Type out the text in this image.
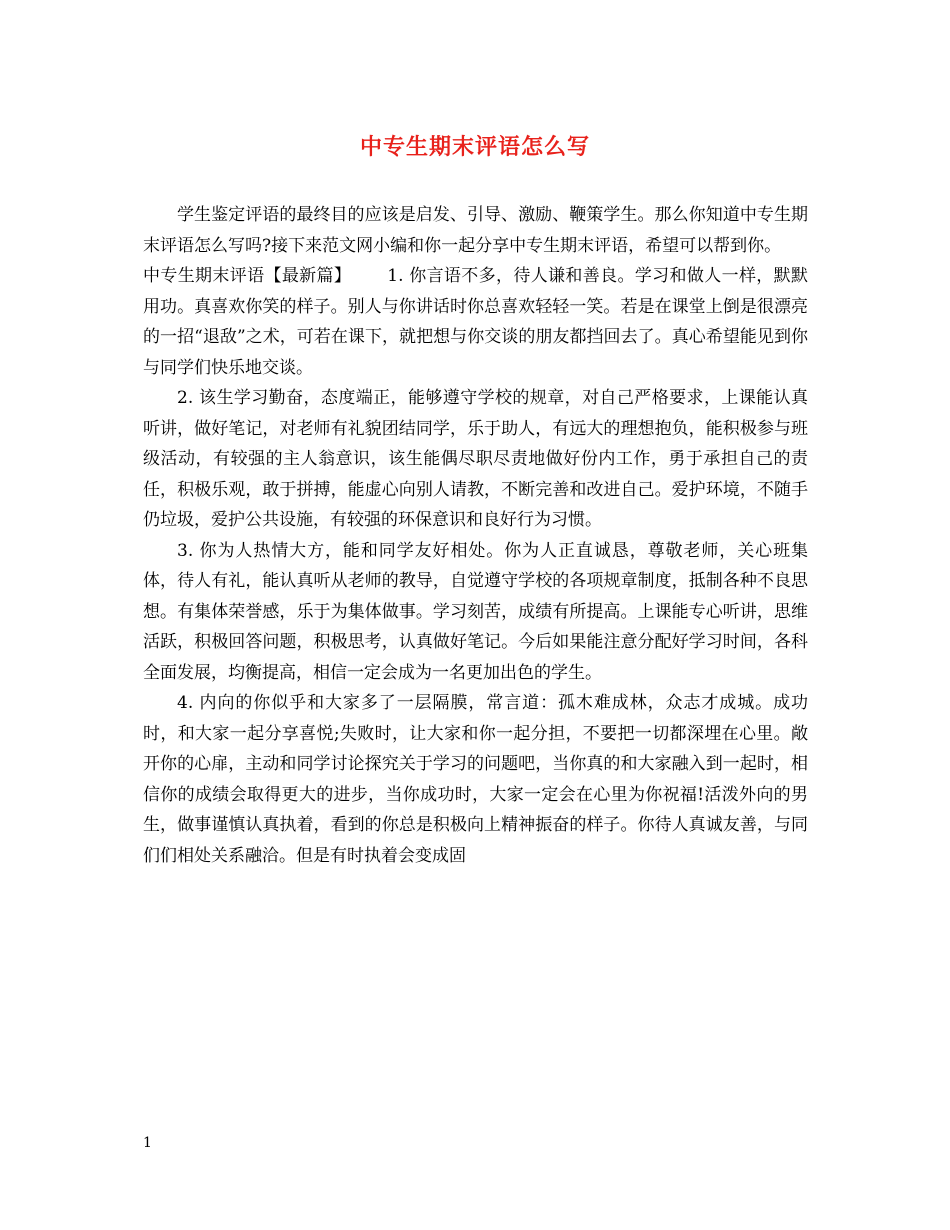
中专生期末评语怎么写

学生鉴定评语的最终目的应该是启发、引导、激励、鞭策学生。那么你知道中专生期末评语怎么写吗?接下来范文网小编和你一起分享中专生期末评语，希望可以帮到你。

中专生期末评语【最新篇】 1. 你言语不多，待人谦和善良。学习和做人一样，默默用功。真喜欢你笑的样子。别人与你讲话时你总喜欢轻轻一笑。若是在课堂上倒是很漂亮的一招“退敌”之术，可若在课下，就把想与你交谈的朋友都挡回去了。真心希望能见到你与同学们快乐地交谈。

2. 该生学习勤奋，态度端正，能够遵守学校的规章，对自己严格要求，上课能认真听讲，做好笔记，对老师有礼貌团结同学，乐于助人，有远大的理想抱负，能积极参与班级活动，有较强的主人翁意识，该生能偶尽职尽责地做好份内工作，勇于承担自己的责任，积极乐观，敢于拼搏，能虚心向别人请教，不断完善和改进自己。爱护环境，不随手仍垃圾，爱护公共设施，有较强的环保意识和良好行为习惯。

3. 你为人热情大方，能和同学友好相处。你为人正直诚恳，尊敬老师，关心班集体，待人有礼，能认真听从老师的教导，自觉遵守学校的各项规章制度，抵制各种不良思想。有集体荣誉感，乐于为集体做事。学习刻苦，成绩有所提高。上课能专心听讲，思维活跃，积极回答问题，积极思考，认真做好笔记。今后如果能注意分配好学习时间，各科全面发展，均衡提高，相信一定会成为一名更加出色的学生。

4. 内向的你似乎和大家多了一层隔膜，常言道：孤木难成林，众志才成城。成功时，和大家一起分享喜悦;失败时，让大家和你一起分担，不要把一切都深埋在心里。敞开你的心扉，主动和同学讨论探究关于学习的问题吧，当你真的和大家融入到一起时，相信你的成绩会取得更大的进步，当你成功时，大家一定会在心里为你祝福!活泼外向的男生，做事谨慎认真执着，看到的你总是积极向上精神振奋的样子。你待人真诚友善，与同们们相处关系融洽。但是有时执着会变成固

1
